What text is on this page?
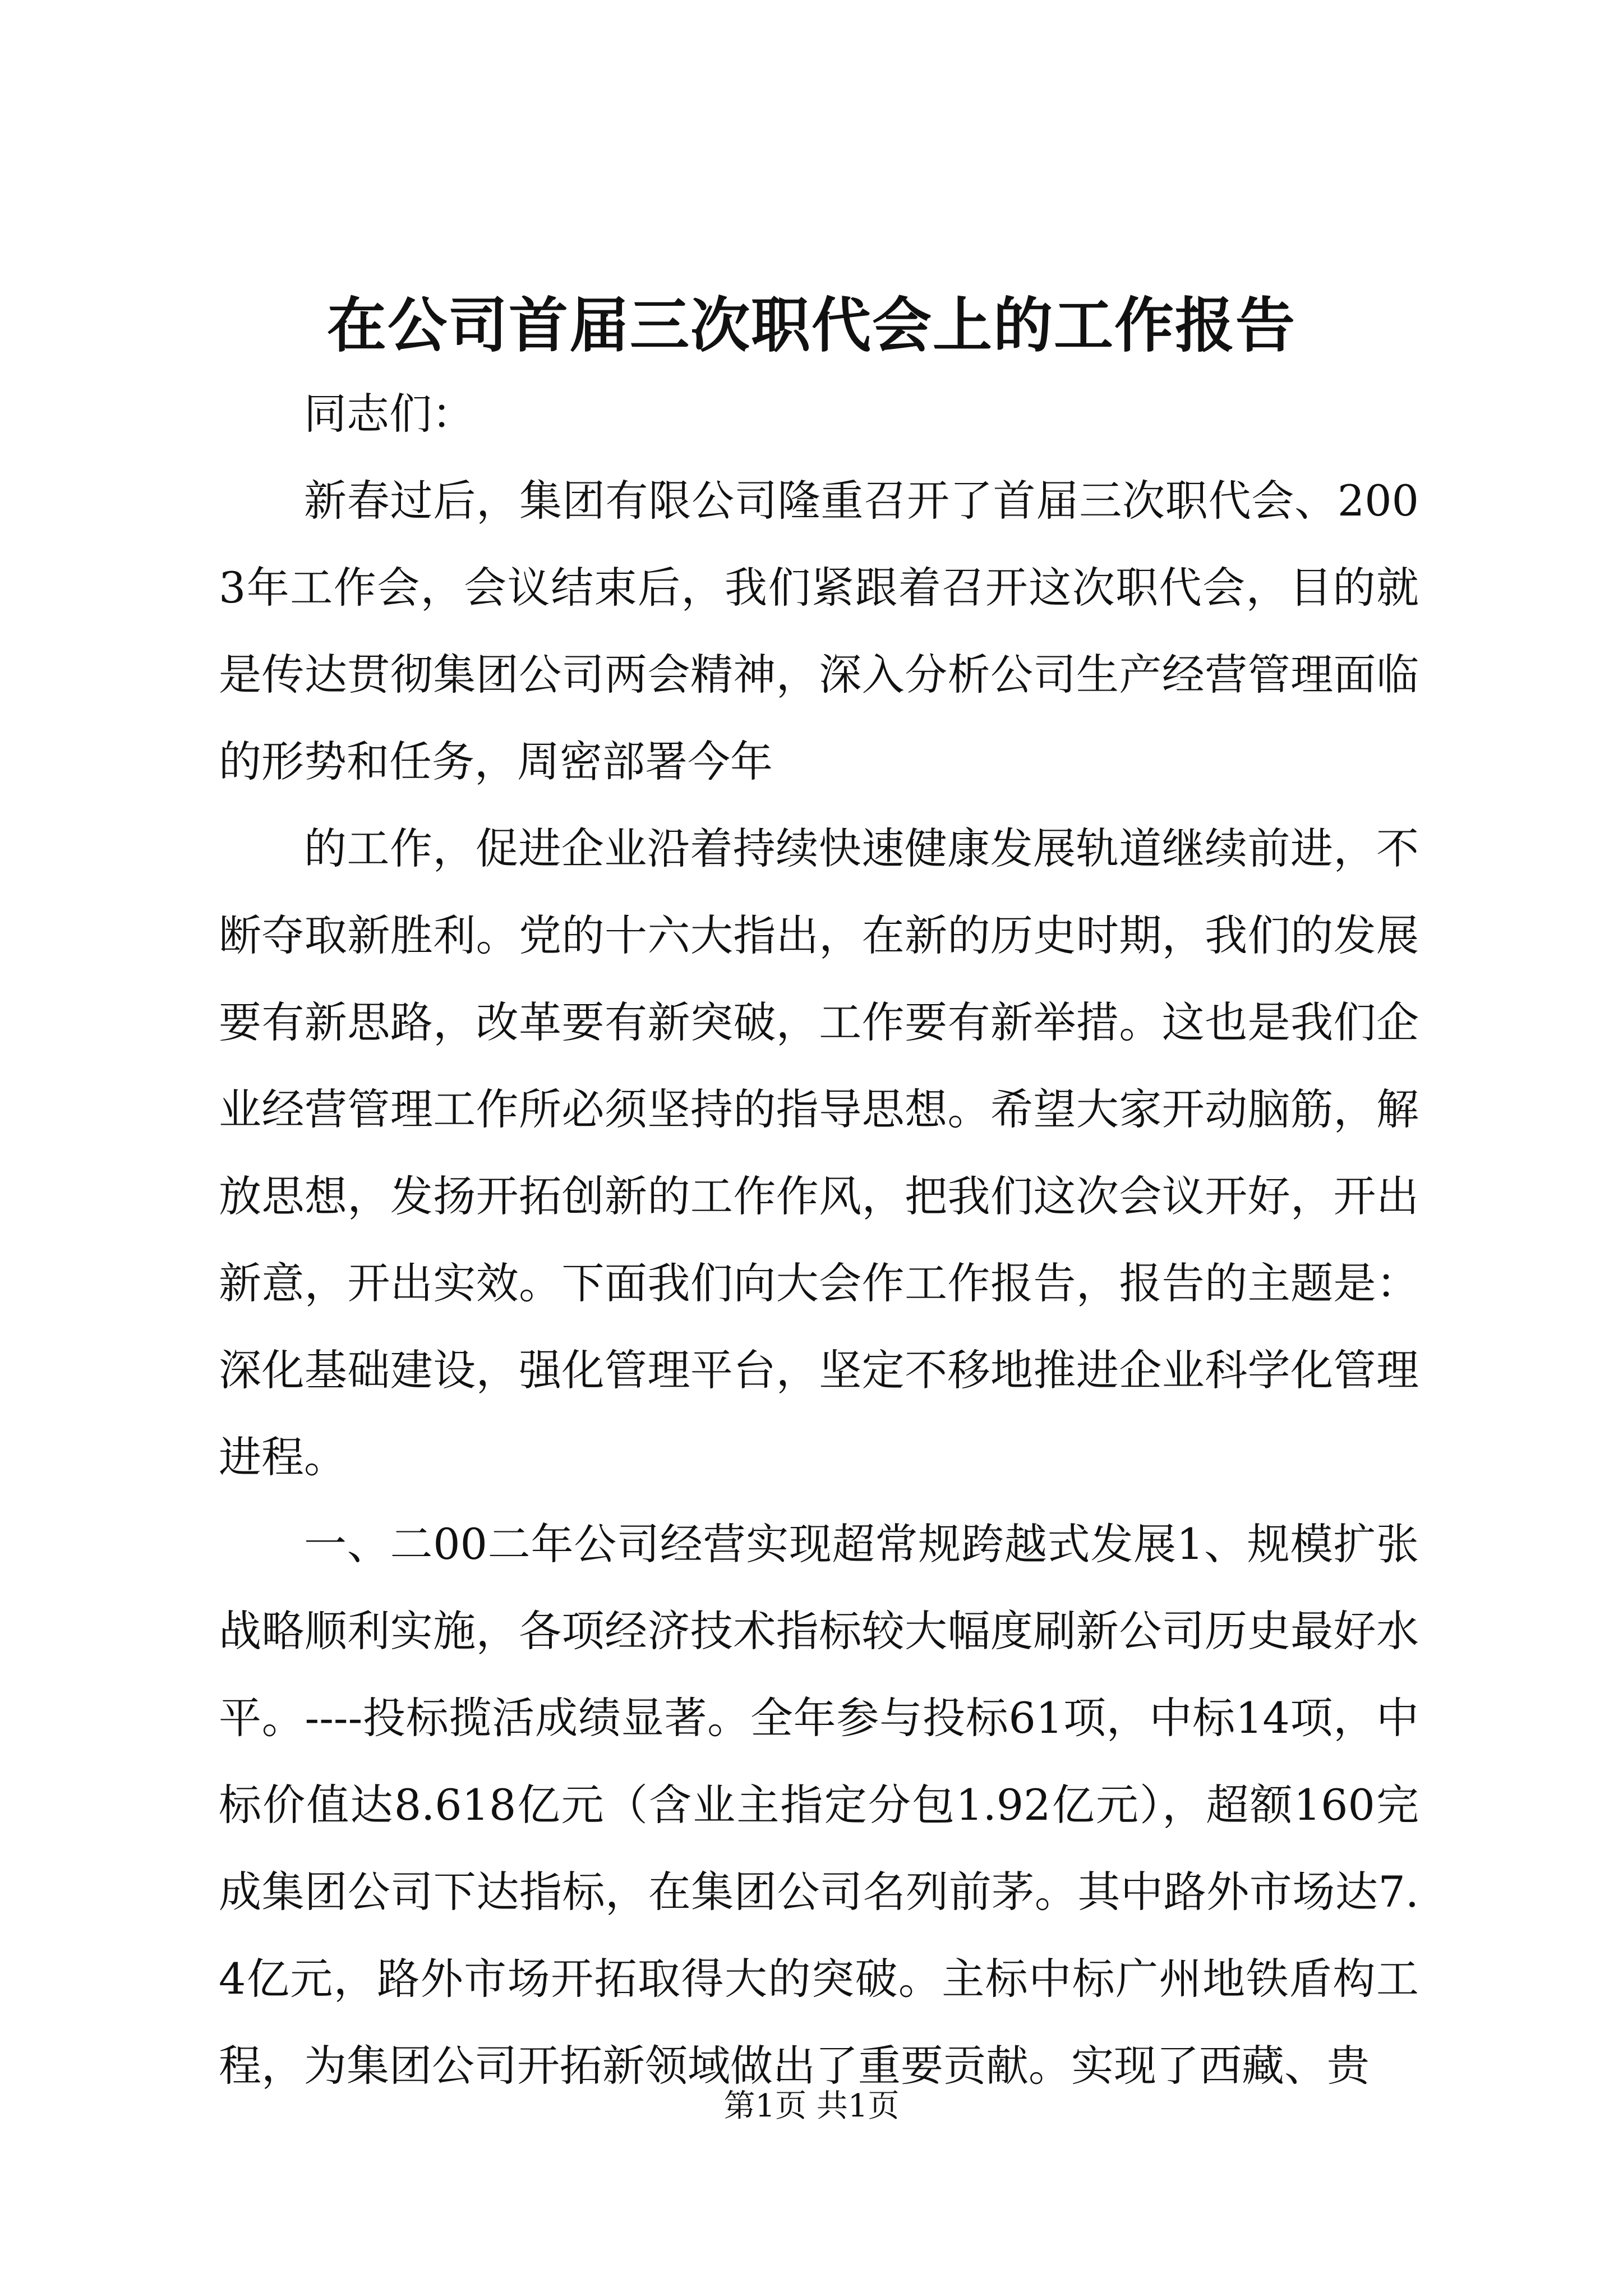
在公司首届三次职代会上的工作报告

同志们：

新春过后，集团有限公司隆重召开了首届三次职代会、2003年工作会，会议结束后，我们紧跟着召开这次职代会，目的就是传达贯彻集团公司两会精神，深入分析公司生产经营管理面临的形势和任务，周密部署今年

的工作，促进企业沿着持续快速健康发展轨道继续前进，不断夺取新胜利。党的十六大指出，在新的历史时期，我们的发展要有新思路，改革要有新突破，工作要有新举措。这也是我们企业经营管理工作所必须坚持的指导思想。希望大家开动脑筋，解放思想，发扬开拓创新的工作作风，把我们这次会议开好，开出新意，开出实效。下面我们向大会作工作报告，报告的主题是：深化基础建设，强化管理平台，坚定不移地推进企业科学化管理进程。

一、二00二年公司经营实现超常规跨越式发展1、规模扩张战略顺利实施，各项经济技术指标较大幅度刷新公司历史最好水平。----投标揽活成绩显著。全年参与投标61项，中标14项，中标价值达8.618亿元（含业主指定分包1.92亿元），超额160完成集团公司下达指标，在集团公司名列前茅。其中路外市场达7.4亿元，路外市场开拓取得大的突破。主标中标广州地铁盾构工程，为集团公司开拓新领域做出了重要贡献。实现了西藏、贵

第1页 共1页
